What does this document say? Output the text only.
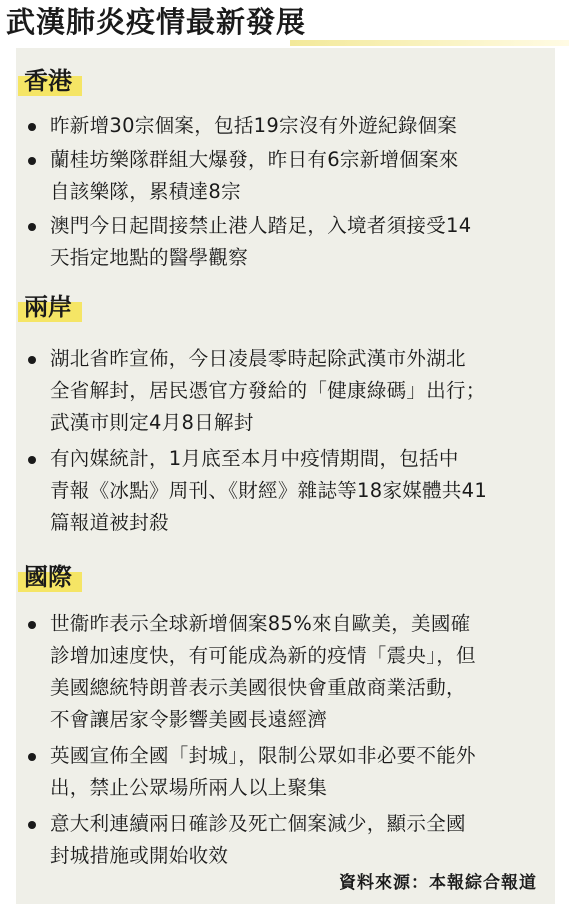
武漢肺炎疫情最新發展
香港
昨新增30宗個案，包括19宗沒有外遊紀錄個案
蘭桂坊樂隊群組大爆發，昨日有6宗新增個案來
自該樂隊，累積達8宗
澳門今日起間接禁止港人踏足，入境者須接受14
天指定地點的醫學觀察
兩岸
湖北省昨宣佈，今日凌晨零時起除武漢市外湖北
全省解封，居民憑官方發給的「健康綠碼」出行；
武漢市則定4月8日解封
有內媒統計，1月底至本月中疫情期間，包括中
青報《冰點》周刊、《財經》雜誌等18家媒體共41
篇報道被封殺
國際
世衞昨表示全球新增個案85%來自歐美，美國確
診增加速度快，有可能成為新的疫情「震央」，但
美國總統特朗普表示美國很快會重啟商業活動，
不會讓居家令影響美國長遠經濟
英國宣佈全國「封城」，限制公眾如非必要不能外
出，禁止公眾場所兩人以上聚集
意大利連續兩日確診及死亡個案減少，顯示全國
封城措施或開始收效
資料來源：本報綜合報道
